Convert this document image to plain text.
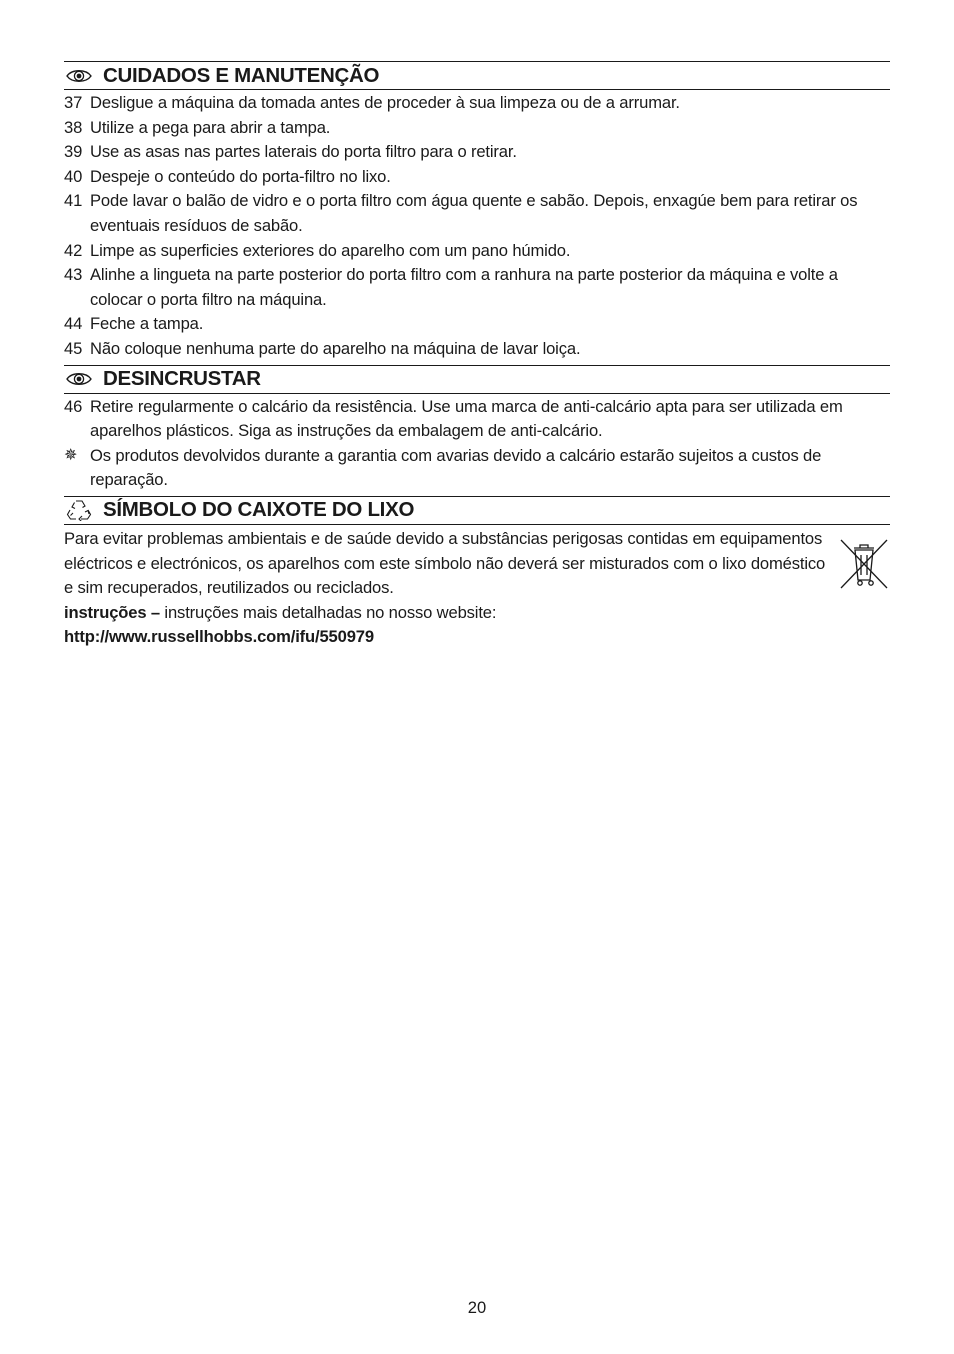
CUIDADOS E MANUTENÇÃO
37 Desligue a máquina da tomada antes de proceder à sua limpeza ou de a arrumar.
38 Utilize a pega para abrir a tampa.
39 Use as asas nas partes laterais do porta filtro para o retirar.
40 Despeje o conteúdo do porta-filtro no lixo.
41 Pode lavar o balão de vidro e o porta filtro com água quente e sabão. Depois, enxagúe bem para retirar os eventuais resíduos de sabão.
42 Limpe as superficies exteriores do aparelho com um pano húmido.
43 Alinhe a lingueta na parte posterior do porta filtro com a ranhura na parte posterior da máquina e volte a colocar o porta filtro na máquina.
44 Feche a tampa.
45 Não coloque nenhuma parte do aparelho na máquina de lavar loiça.
DESINCRUSTAR
46 Retire regularmente o calcário da resistência. Use uma marca de anti-calcário apta para ser utilizada em aparelhos plásticos. Siga as instruções da embalagem de anti-calcário.
✵ Os produtos devolvidos durante a garantia com avarias devido a calcário estarão sujeitos a custos de reparação.
SÍMBOLO DO CAIXOTE DO LIXO

Para evitar problemas ambientais e de saúde devido a substâncias perigosas contidas em equipamentos eléctricos e electrónicos, os aparelhos com este símbolo não deverá ser misturados com o lixo doméstico e sim recuperados, reutilizados ou reciclados.

instruções – instruções mais detalhadas no nosso website:

http://www.russellhobbs.com/ifu/550979

20
